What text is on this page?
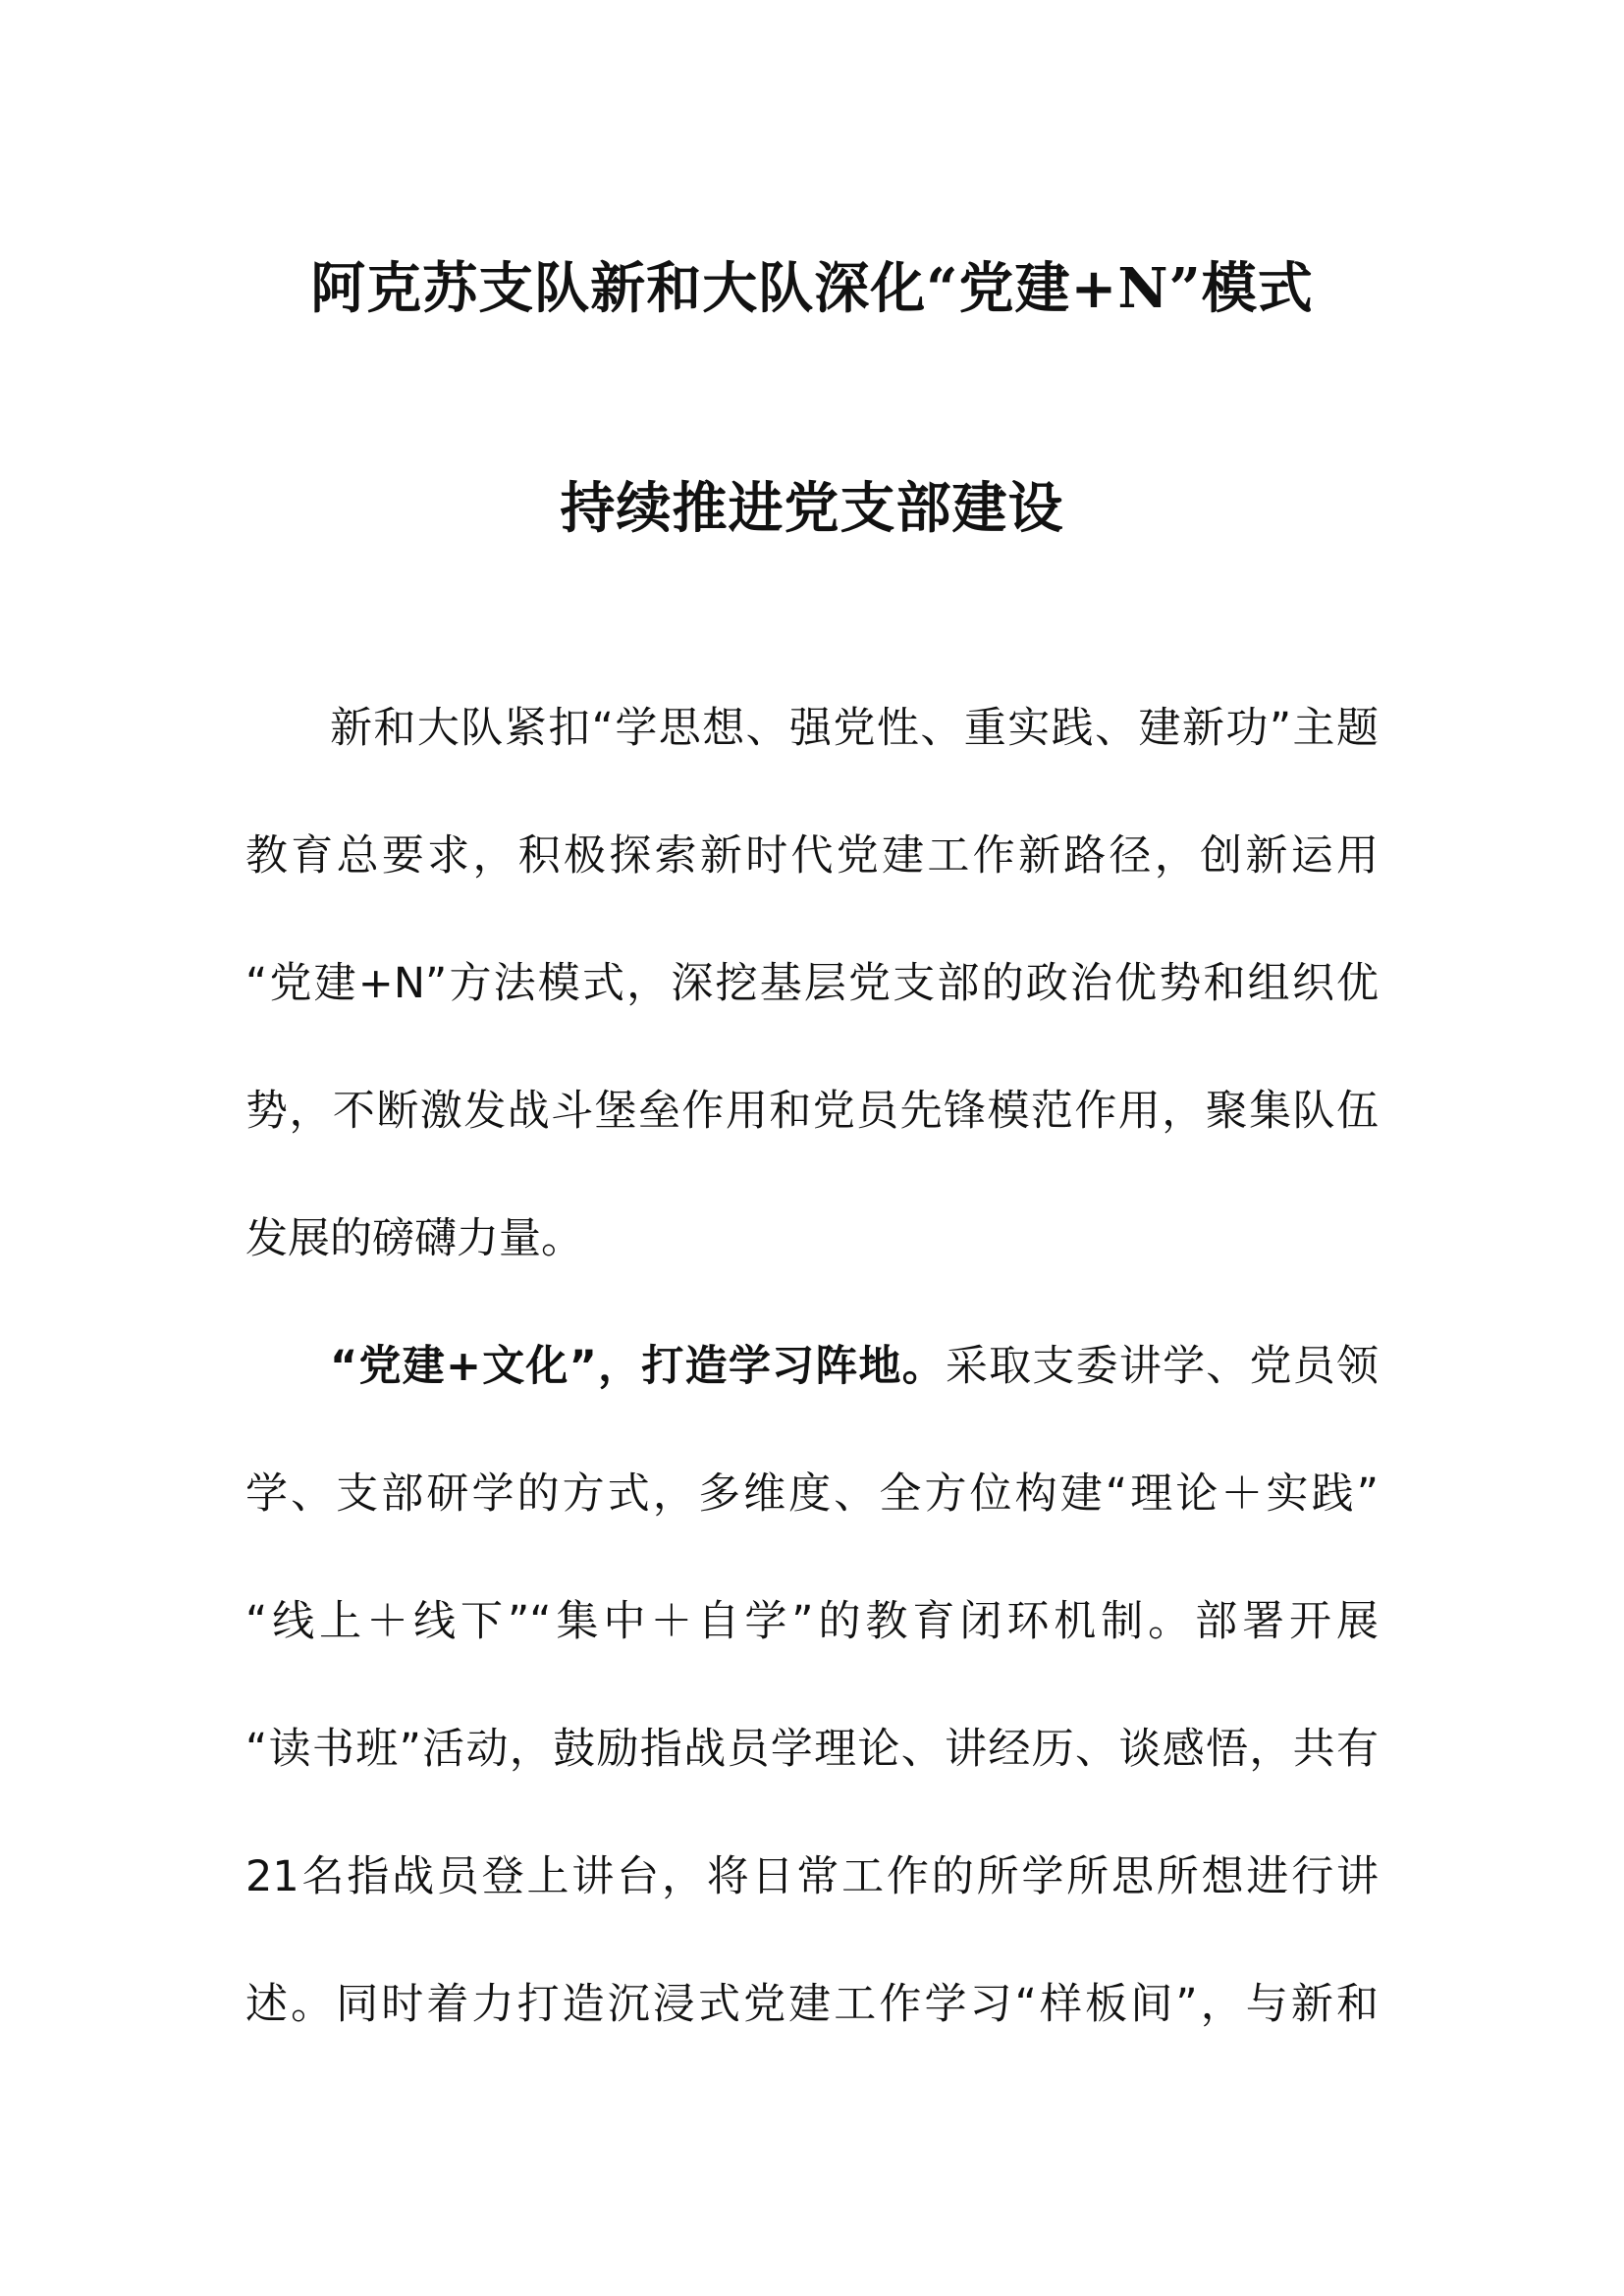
阿克苏支队新和大队深化“党建+N”模式
持续推进党支部建设
新和大队紧扣“学思想、强党性、重实践、建新功”主题
教育总要求，积极探索新时代党建工作新路径，创新运用
“党建+N”方法模式，深挖基层党支部的政治优势和组织优
势，不断激发战斗堡垒作用和党员先锋模范作用，聚集队伍
发展的磅礴力量。
“党建+文化”，打造学习阵地。采取支委讲学、党员领
学、支部研学的方式，多维度、全方位构建“理论＋实践”
“线上＋线下”“集中＋自学”的教育闭环机制。部署开展
“读书班”活动，鼓励指战员学理论、讲经历、谈感悟，共有
21名指战员登上讲台，将日常工作的所学所思所想进行讲
述。同时着力打造沉浸式党建工作学习“样板间”，与新和
